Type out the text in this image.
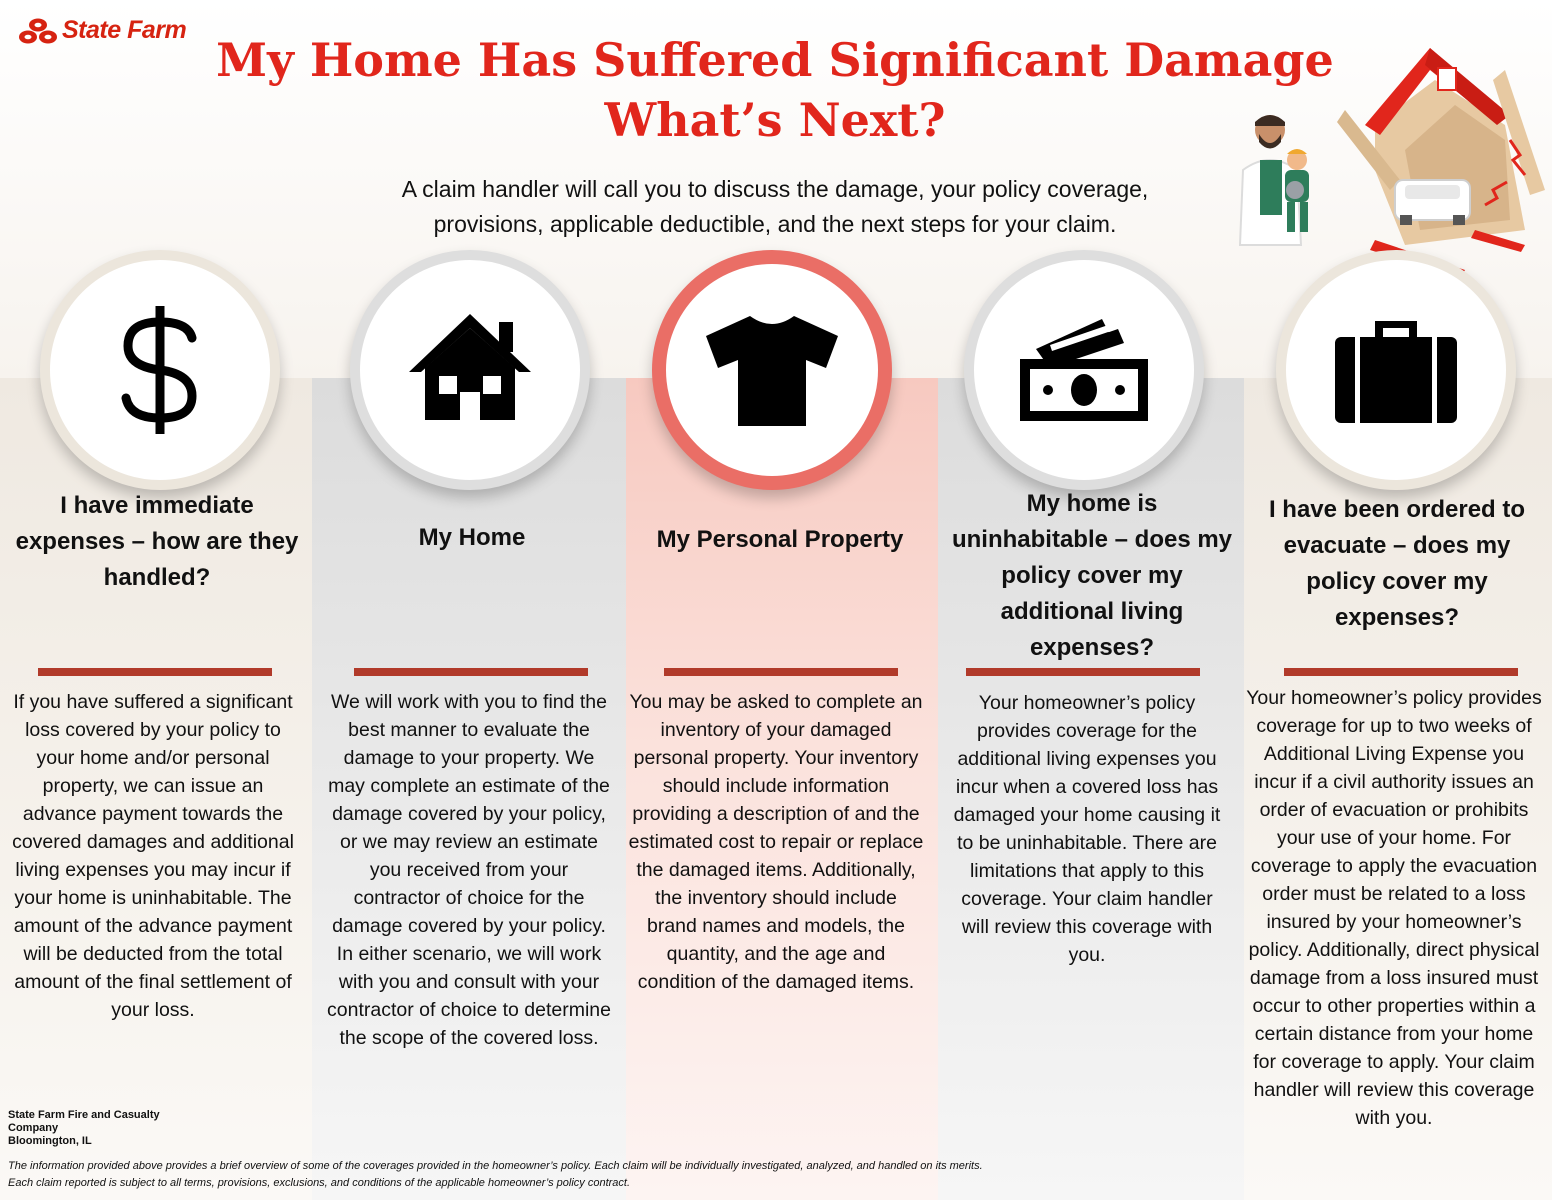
State Farm
My Home Has Suffered Significant Damage
What’s Next?
A claim handler will call you to discuss the damage, your policy coverage,
provisions, applicable deductible, and the next steps for your claim.
I have immediate expenses – how are they handled?
My Home	My Personal Property
My home is uninhabitable – does my policy cover my additional living expenses?
I have been ordered to evacuate – does my policy cover my expenses?
If you have suffered a significant loss covered by your policy to your home and/or personal property, we can issue an advance payment towards the covered damages and additional living expenses you may incur if your home is uninhabitable. The amount of the advance payment will be deducted from the total amount of the final settlement of your loss.
We will work with you to find the best manner to evaluate the damage to your property. We may complete an estimate of the damage covered by your policy, or we may review an estimate you received from your contractor of choice for the damage covered by your policy. In either scenario, we will work with you and consult with your contractor of choice to determine the scope of the covered loss.
You may be asked to complete an inventory of your damaged personal property. Your inventory should include information providing a description of and the estimated cost to repair or replace the damaged items. Additionally, the inventory should include brand names and models, the quantity, and the age and condition of the damaged items.
Your homeowner’s policy provides coverage for the additional living expenses you incur when a covered loss has damaged your home causing it to be uninhabitable. There are limitations that apply to this coverage. Your claim handler will review this coverage with you.
Your homeowner’s policy provides coverage for up to two weeks of Additional Living Expense you incur if a civil authority issues an order of evacuation or prohibits your use of your home. For coverage to apply the evacuation order must be related to a loss insured by your homeowner’s policy. Additionally, direct physical damage from a loss insured must occur to other properties within a certain distance from your home for coverage to apply. Your claim handler will review this coverage with you.
State Farm Fire and Casualty Company
Bloomington, IL
The information provided above provides a brief overview of some of the coverages provided in the homeowner’s policy. Each claim will be individually investigated, analyzed, and handled on its merits. Each claim reported is subject to all terms, provisions, exclusions, and conditions of the applicable homeowner’s policy contract.
